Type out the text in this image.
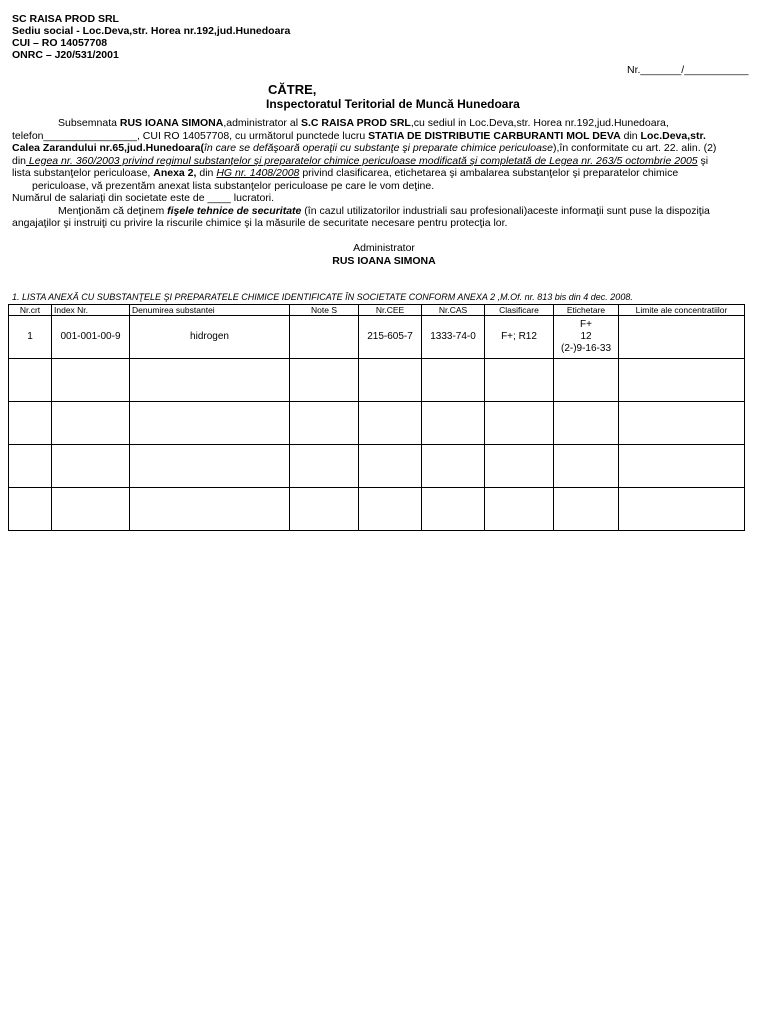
SC RAISA PROD SRL
Sediu social - Loc.Deva,str. Horea nr.192,jud.Hunedoara
CUI – RO 14057708
ONRC – J20/531/2001
Nr._______/___________
CĂTRE,
Inspectoratul Teritorial de Muncă Hunedoara

Subsemnata RUS IOANA SIMONA,administrator al S.C RAISA PROD SRL,cu sediul in Loc.Deva,str. Horea nr.192,jud.Hunedoara,

telefon________________, CUI RO 14057708, cu următorul punctede lucru STATIA DE DISTRIBUTIE CARBURANTI MOL DEVA din Loc.Deva,str.

Calea Zarandului nr.65,jud.Hunedoara(în care se defăşoară operaţii cu substanţe şi preparate chimice periculoase),în conformitate cu art. 22. alin. (2)

din Legea nr. 360/2003 privind regimul substanţelor şi preparatelor chimice periculoase modificată şi completată de Legea nr. 263/5 octombrie 2005 şi

lista substanţelor periculoase, Anexa 2, din HG nr. 1408/2008 privind clasificarea, etichetarea şi ambalarea substanţelor şi preparatelor chimice

periculoase, vă prezentăm anexat lista substanţelor periculoase pe care le vom deţine.

Numărul de salariaţi din societate este de ____ lucratori.

Menţionăm că deţinem fişele tehnice de securitate (în cazul utilizatorilor industriali sau profesionali)aceste informaţii sunt puse la dispoziţia

angajaţilor şi instruiţi cu privire la riscurile chimice şi la măsurile de securitate necesare pentru protecţia lor.

Administrator
RUS IOANA SIMONA
1. LISTA ANEXĂ CU SUBSTANŢELE ŞI PREPARATELE CHIMICE IDENTIFICATE ÎN SOCIETATE CONFORM ANEXA 2 ,M.Of. nr. 813 bis din 4 dec. 2008.
Nr.crt	Index Nr.	Denumirea substantei	Note S	Nr.CEE	Nr.CAS	Clasificare	Etichetare	Limite ale concentratiilor
1	001-001-00-9	hidrogen		215-605-7	1333-74-0	F+; R12	F+
12
(2-)9-16-33	
